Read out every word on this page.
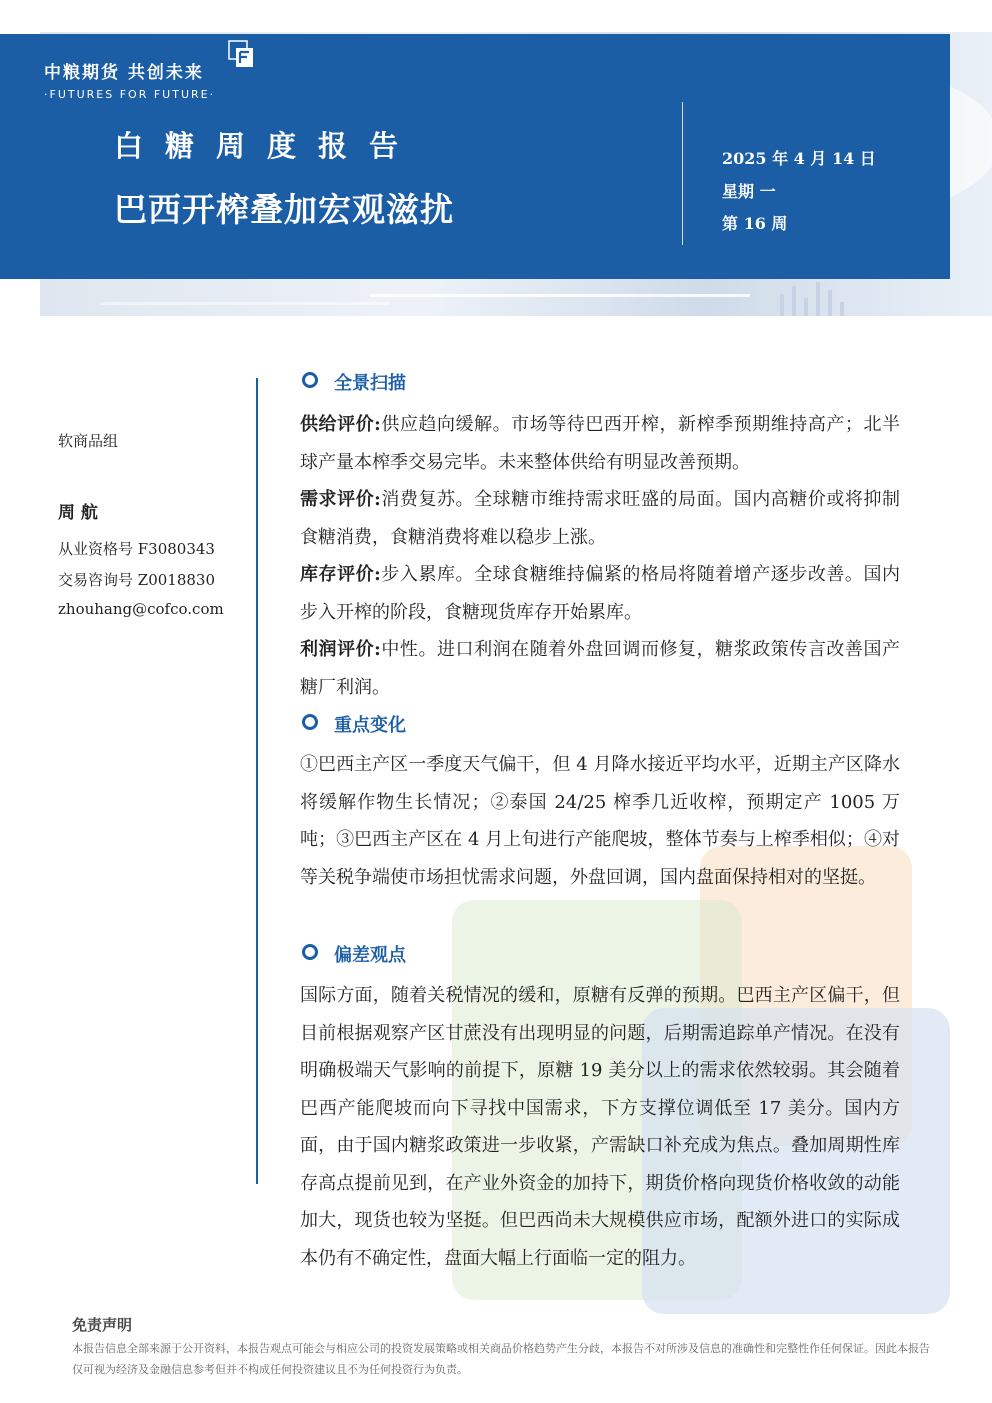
中粮期货 共创未来
·FUTURES FOR FUTURE·
白糖周度报告
巴西开榨叠加宏观滋扰
2025 年 4 月 14 日
星期 一
第 16 周
软商品组
周 航
从业资格号 F3080343
交易咨询号 Z0018830
zhouhang@cofco.com
全景扫描
供给评价:供应趋向缓解。市场等待巴西开榨，新榨季预期维持高产；北半球产量本榨季交易完毕。未来整体供给有明显改善预期。
需求评价:消费复苏。全球糖市维持需求旺盛的局面。国内高糖价或将抑制食糖消费，食糖消费将难以稳步上涨。
库存评价:步入累库。全球食糖维持偏紧的格局将随着增产逐步改善。国内步入开榨的阶段，食糖现货库存开始累库。
利润评价:中性。进口利润在随着外盘回调而修复，糖浆政策传言改善国产糖厂利润。
重点变化
①巴西主产区一季度天气偏干，但 4 月降水接近平均水平，近期主产区降水将缓解作物生长情况；②泰国 24/25 榨季几近收榨，预期定产 1005 万吨；③巴西主产区在 4 月上旬进行产能爬坡，整体节奏与上榨季相似；④对等关税争端使市场担忧需求问题，外盘回调，国内盘面保持相对的坚挺。
偏差观点
国际方面，随着关税情况的缓和，原糖有反弹的预期。巴西主产区偏干，但目前根据观察产区甘蔗没有出现明显的问题，后期需追踪单产情况。在没有明确极端天气影响的前提下，原糖 19 美分以上的需求依然较弱。其会随着巴西产能爬坡而向下寻找中国需求，下方支撑位调低至 17 美分。国内方面，由于国内糖浆政策进一步收紧，产需缺口补充成为焦点。叠加周期性库存高点提前见到，在产业外资金的加持下，期货价格向现货价格收敛的动能加大，现货也较为坚挺。但巴西尚未大规模供应市场，配额外进口的实际成本仍有不确定性，盘面大幅上行面临一定的阻力。
免责声明
本报告信息全部来源于公开资料，本报告观点可能会与相应公司的投资发展策略或相关商品价格趋势产生分歧，本报告不对所涉及信息的准确性和完整性作任何保证。因此本报告仅可视为经济及金融信息参考但并不构成任何投资建议且不为任何投资行为负责。
